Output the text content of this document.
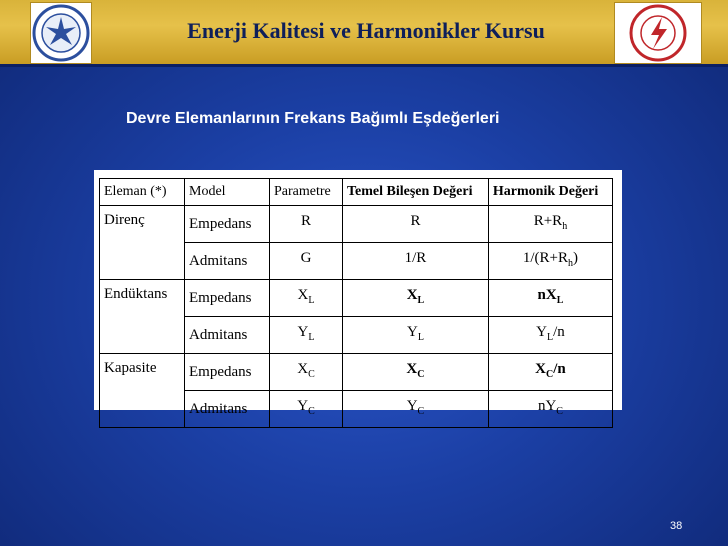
Enerji Kalitesi ve Harmonikler Kursu
Devre Elemanlarının Frekans Bağımlı Eşdeğerleri
Eleman (*)	Model	Parametre	Temel Bileşen Değeri	Harmonik Değeri
Direnç	Empedans	R	R	$R+R_h$
	Admitans	G	1/R	$1/(R+R_h)$
Endüktans	Empedans	$X_L$	$X_L$	$nX_L$
	Admitans	$Y_L$	$Y_L$	$Y_L/n$
Kapasite	Empedans	$X_C$	$X_C$	$X_C/n$
	Admitans	$Y_C$	$Y_C$	$nY_C$
38
